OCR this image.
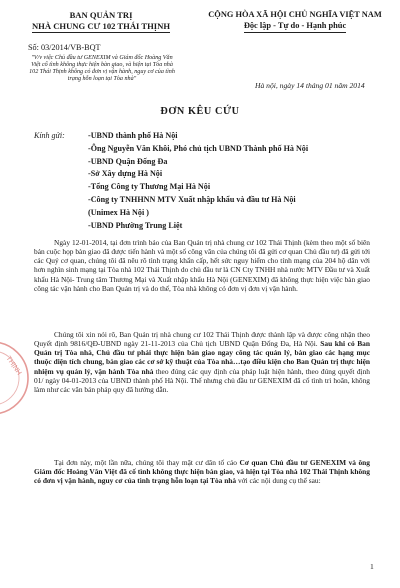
THỊNH
BAN QUẢN TRỊ
NHÀ CHUNG CƯ 102 THÁI THỊNH
Số: 03/2014/VB-BQT
"V/v việc Chủ đầu tư GENEXIM và Giám đốc Hoàng Văn Việt cố tình không thực hiện bàn giao, và hiện tại Tòa nhà 102 Thái Thịnh không có đơn vị vận hành, nguy cơ của tình trạng hỗn loạn tại Tòa nhà"
CỘNG HÒA XÃ HỘI CHỦ NGHĨA VIỆT NAM
Độc lập - Tự do - Hạnh phúc
Hà nội, ngày 14 tháng 01 năm 2014
ĐƠN KÊU CỨU
Kính gửi:	-UBND thành phố Hà Nội
-Ông Nguyễn Văn Khôi, Phó chủ tịch UBND Thành phố Hà Nội
-UBND Quận Đống Đa
-Sở Xây dựng Hà Nội
-Tổng Công ty Thương Mại Hà Nội
-Công ty TNHHNN MTV Xuất nhập khẩu và đầu tư Hà Nội
(Unimex Hà Nội )
-UBND Phường Trung Liệt

Ngày 12-01-2014, tại đơn trình báo của Ban Quản trị nhà chung cư 102 Thái Thịnh (kèm theo một số biên bản cuộc họp bàn giao đã được tiến hành và một số công văn của chúng tôi đã gửi cơ quan Chủ đầu tư) đã gửi tới các Quý cơ quan, chúng tôi đã nêu rõ tình trạng khẩn cấp, hết sức nguy hiểm cho tính mạng của 204 hộ dân với hơn nghìn sinh mạng tại Tòa nhà 102 Thái Thịnh do chủ đầu tư là CN Cty TNHH nhà nước MTV Đầu tư và Xuất khẩu Hà Nội- Trung tâm Thương Mại và Xuất nhập khẩu Hà Nội (GENEXIM) đã không thực hiện việc bàn giao công tác vận hành cho Ban Quản trị và do thế, Tòa nhà không có đơn vị đơn vị vận hành.

Chúng tôi xin nói rõ, Ban Quản trị nhà chung cư 102 Thái Thịnh được thành lập và được công nhận theo Quyết định 9816/QĐ-UBND ngày 21-11-2013 của Chủ tịch UBND Quận Đống Đa, Hà Nội. Sau khi có Ban Quản trị Tòa nhà, Chủ đầu tư phải thực hiện bàn giao ngay công tác quản lý, bàn giao các hạng mục thuộc diện tích chung, bàn giao các cơ sở kỹ thuật của Tòa nhà…tạo điều kiện cho Ban Quản trị thực hiện nhiệm vụ quản lý, vận hành Tòa nhà theo đúng các quy định của pháp luật hiện hành, theo đúng quyết định 01/ ngày 04-01-2013 của UBND thành phố Hà Nội. Thế nhưng chủ đầu tư GENEXIM đã cố tình trì hoãn, không làm như các văn bản pháp quy đã hướng dẫn.

Tại đơn này, một lần nữa, chúng tôi thay mặt cư dân tố cáo Cơ quan Chủ đầu tư GENEXIM và ông Giám đốc Hoàng Văn Việt đã cố tình không thực hiện bàn giao, và hiện tại Tòa nhà 102 Thái Thịnh không có đơn vị vận hành, nguy cơ của tình trạng hỗn loạn tại Tòa nhà với các nội dung cụ thể sau:

1
